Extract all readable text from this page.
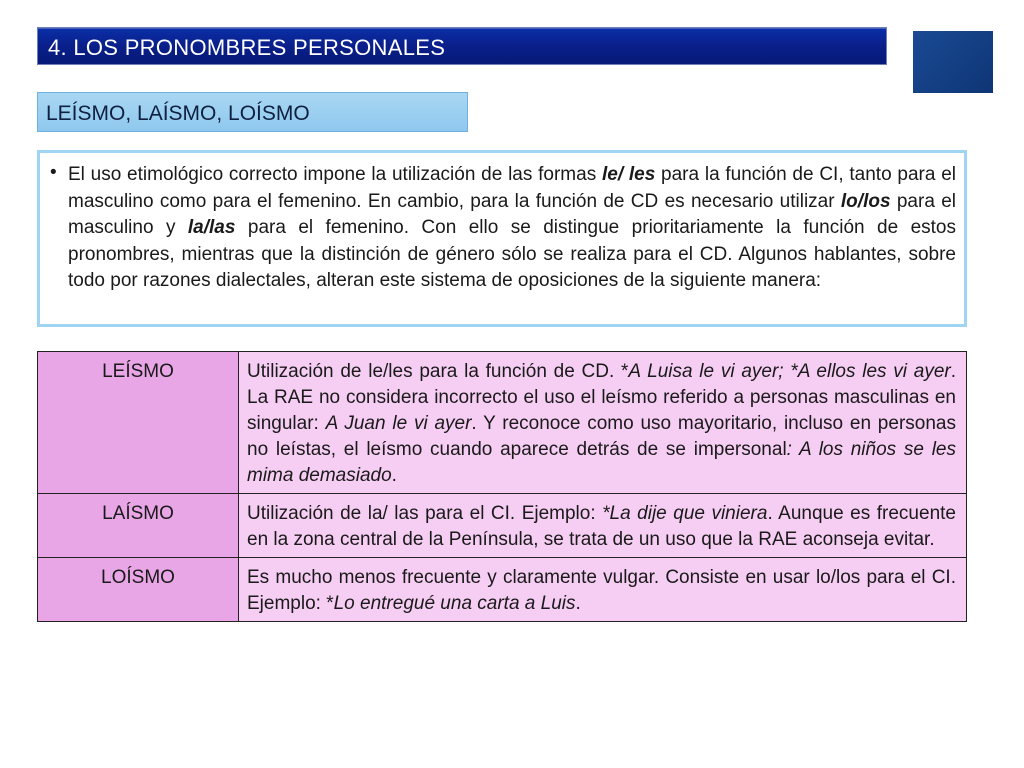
4. LOS PRONOMBRES PERSONALES
LEÍSMO, LAÍSMO, LOÍSMO
• El uso etimológico correcto impone la utilización de las formas le/ les para la función de CI, tanto para el masculino como para el femenino. En cambio, para la función de CD es necesario utilizar lo/los para el masculino y la/las para el femenino. Con ello se distingue prioritariamente la función de estos pronombres, mientras que la distinción de género sólo se realiza para el CD. Algunos hablantes, sobre todo por razones dialectales, alteran este sistema de oposiciones de la siguiente manera:
LEÍSMO	Utilización de le/les para la función de CD. *A Luisa le vi ayer; *A ellos les vi ayer. La RAE no considera incorrecto el uso el leísmo referido a personas masculinas en singular: A Juan le vi ayer. Y reconoce como uso mayoritario, incluso en personas no leístas, el leísmo cuando aparece detrás de se impersonal: A los niños se les mima demasiado.
LAÍSMO	Utilización de la/ las para el CI. Ejemplo: *La dije que viniera. Aunque es frecuente en la zona central de la Península, se trata de un uso que la RAE aconseja evitar.
LOÍSMO	Es mucho menos frecuente y claramente vulgar. Consiste en usar lo/los para el CI. Ejemplo: *Lo entregué una carta a Luis.
